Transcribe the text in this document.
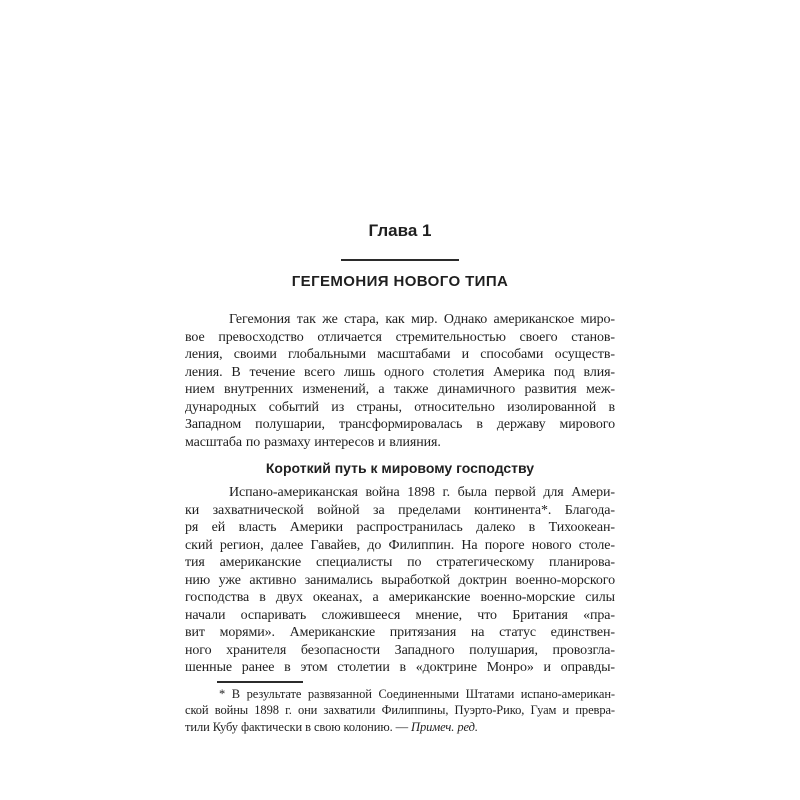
Глава 1
ГЕГЕМОНИЯ НОВОГО ТИПА
Гегемония так же стара, как мир. Однако американское миро-
вое превосходство отличается стремительностью своего станов-
ления, своими глобальными масштабами и способами осуществ-
ления. В течение всего лишь одного столетия Америка под влия-
нием внутренних изменений, а также динамичного развития меж-
дународных событий из страны, относительно изолированной в
Западном полушарии, трансформировалась в державу мирового
масштаба по размаху интересов и влияния.
Короткий путь к мировому господству
Испано-американская война 1898 г. была первой для Амери-
ки захватнической войной за пределами континента*. Благода-
ря ей власть Америки распространилась далеко в Тихоокеан-
ский регион, далее Гавайев, до Филиппин. На пороге нового столе-
тия американские специалисты по стратегическому планирова-
нию уже активно занимались выработкой доктрин военно-морского
господства в двух океанах, а американские военно-морские силы
начали оспаривать сложившееся мнение, что Британия «пра-
вит морями». Американские притязания на статус единствен-
ного хранителя безопасности Западного полушария, провозгла-
шенные ранее в этом столетии в «доктрине Монро» и оправды-
* В результате развязанной Соединенными Штатами испано-американ-
ской войны 1898 г. они захватили Филиппины, Пуэрто-Рико, Гуам и превра-
тили Кубу фактически в свою колонию. — Примеч. ред.
